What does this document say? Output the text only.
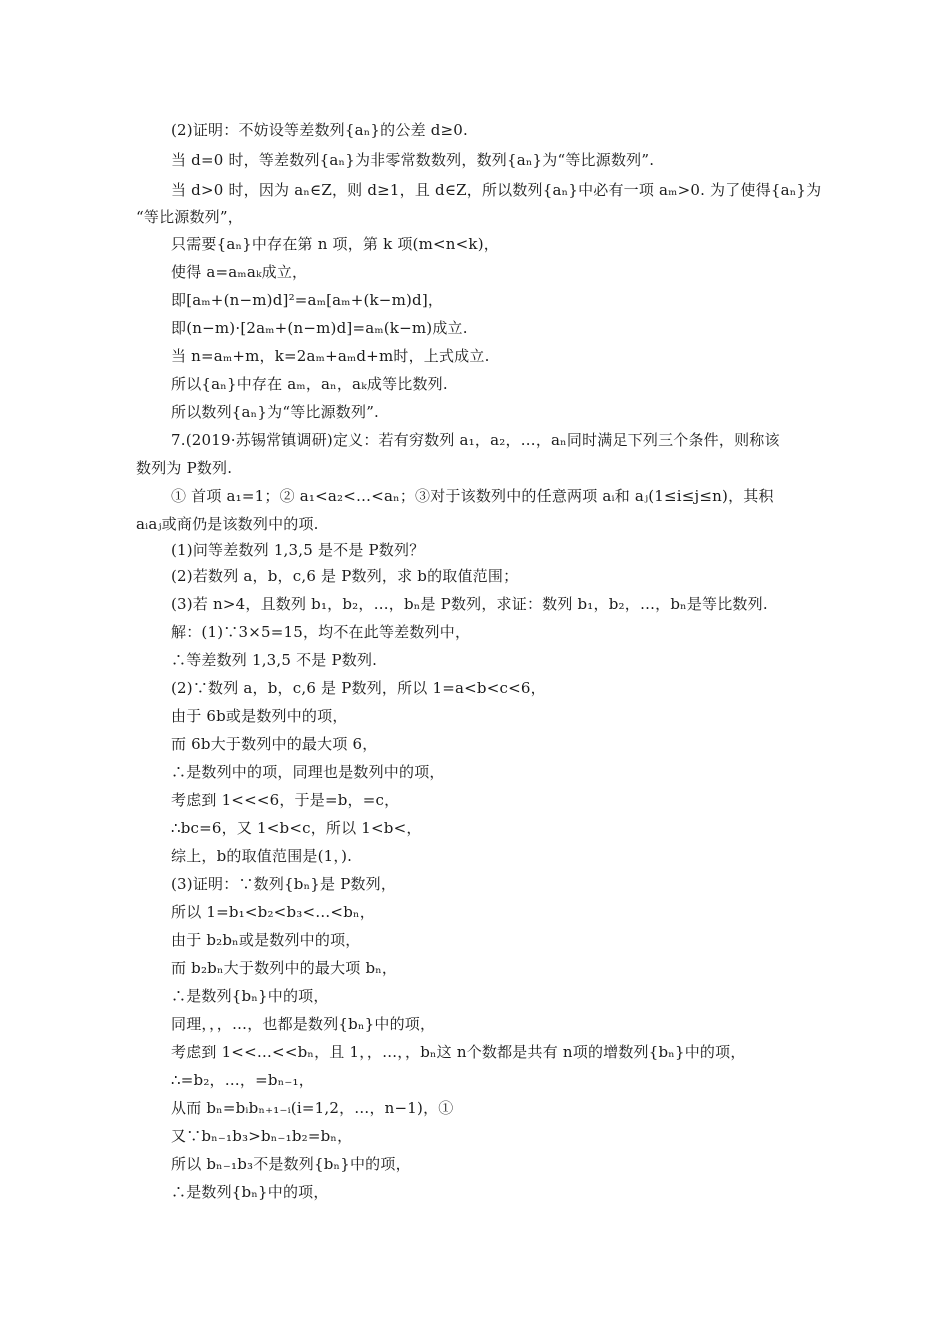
(2)证明：不妨设等差数列{aₙ}的公差 d≥0.
当 d=0 时，等差数列{aₙ}为非零常数数列，数列{aₙ}为“等比源数列”.
当 d>0 时，因为 aₙ∈Z，则 d≥1，且 d∈Z，所以数列{aₙ}中必有一项 aₘ>0. 为了使得{aₙ}为
“等比源数列”，
只需要{aₙ}中存在第 n 项，第 k 项(m<n<k)，
使得 a=aₘaₖ成立，
即[aₘ+(n−m)d]²=aₘ[aₘ+(k−m)d]，
即(n−m)·[2aₘ+(n−m)d]=aₘ(k−m)成立.
当 n=aₘ+m，k=2aₘ+aₘd+m时，上式成立.
所以{aₙ}中存在 aₘ，aₙ，aₖ成等比数列.
所以数列{aₙ}为“等比源数列”.
7.(2019·苏锡常镇调研)定义：若有穷数列 a₁，a₂，…，aₙ同时满足下列三个条件，则称该
数列为 P数列.
① 首项 a₁=1；② a₁<a₂<…<aₙ；③对于该数列中的任意两项 aᵢ和 aⱼ(1≤i≤j≤n)，其积
aᵢaⱼ或商仍是该数列中的项.
(1)问等差数列 1,3,5 是不是 P数列？
(2)若数列 a，b，c,6 是 P数列，求 b的取值范围；
(3)若 n>4，且数列 b₁，b₂，…，bₙ是 P数列，求证：数列 b₁，b₂，…，bₙ是等比数列.
解：(1)∵3×5=15，均不在此等差数列中，
∴等差数列 1,3,5 不是 P数列.
(2)∵数列 a，b，c,6 是 P数列，所以 1=a<b<c<6，
由于 6b或是数列中的项，
而 6b大于数列中的最大项 6，
∴是数列中的项，同理也是数列中的项，
考虑到 1<<<6，于是=b，=c，
∴bc=6，又 1<b<c，所以 1<b<，
综上，b的取值范围是(1，).
(3)证明：∵数列{bₙ}是 P数列，
所以 1=b₁<b₂<b₃<…<bₙ，
由于 b₂bₙ或是数列中的项，
而 b₂bₙ大于数列中的最大项 bₙ，
∴是数列{bₙ}中的项，
同理，，，…，也都是数列{bₙ}中的项，
考虑到 1<<…<<bₙ，且 1，，…，，bₙ这 n个数都是共有 n项的增数列{bₙ}中的项，
∴=b₂，…，=bₙ₋₁，
从而 bₙ=bᵢbₙ₊₁₋ᵢ(i=1,2，…，n−1)，①
又∵bₙ₋₁b₃>bₙ₋₁b₂=bₙ，
所以 bₙ₋₁b₃不是数列{bₙ}中的项，
∴是数列{bₙ}中的项，
